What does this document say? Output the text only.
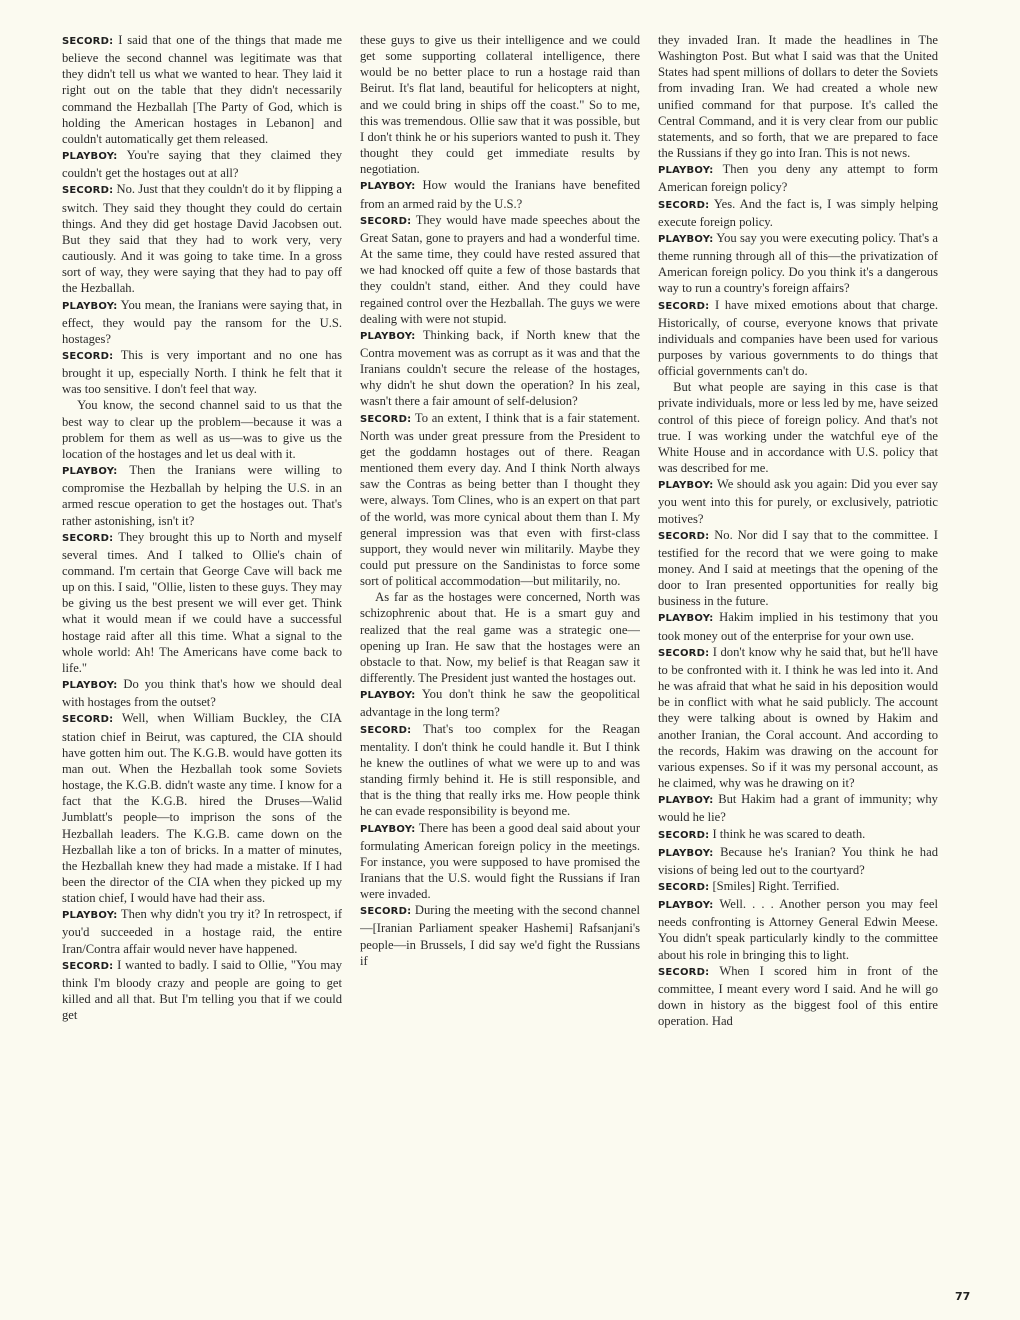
SECORD: I said that one of the things that made me believe the second channel was legitimate was that they didn't tell us what we wanted to hear. They laid it right out on the table that they didn't necessarily command the Hezballah [The Party of God, which is holding the American hostages in Lebanon] and couldn't automatically get them released.

PLAYBOY: You're saying that they claimed they couldn't get the hostages out at all?

SECORD: No. Just that they couldn't do it by flipping a switch. They said they thought they could do certain things. And they did get hostage David Jacobsen out. But they said that they had to work very, very cautiously. And it was going to take time. In a gross sort of way, they were saying that they had to pay off the Hezballah.

PLAYBOY: You mean, the Iranians were saying that, in effect, they would pay the ransom for the U.S. hostages?

SECORD: This is very important and no one has brought it up, especially North. I think he felt that it was too sensitive. I don't feel that way.

You know, the second channel said to us that the best way to clear up the problem—because it was a problem for them as well as us—was to give us the location of the hostages and let us deal with it.

PLAYBOY: Then the Iranians were willing to compromise the Hezballah by helping the U.S. in an armed rescue operation to get the hostages out. That's rather astonishing, isn't it?

SECORD: They brought this up to North and myself several times. And I talked to Ollie's chain of command. I'm certain that George Cave will back me up on this. I said, "Ollie, listen to these guys. They may be giving us the best present we will ever get. Think what it would mean if we could have a successful hostage raid after all this time. What a signal to the whole world: Ah! The Americans have come back to life."

PLAYBOY: Do you think that's how we should deal with hostages from the outset?

SECORD: Well, when William Buckley, the CIA station chief in Beirut, was captured, the CIA should have gotten him out. The K.G.B. would have gotten its man out. When the Hezballah took some Soviets hostage, the K.G.B. didn't waste any time. I know for a fact that the K.G.B. hired the Druses—Walid Jumblatt's people—to imprison the sons of the Hezballah leaders. The K.G.B. came down on the Hezballah like a ton of bricks. In a matter of minutes, the Hezballah knew they had made a mistake. If I had been the director of the CIA when they picked up my station chief, I would have had their ass.

PLAYBOY: Then why didn't you try it? In retrospect, if you'd succeeded in a hostage raid, the entire Iran/Contra affair would never have happened.

SECORD: I wanted to badly. I said to Ollie, "You may think I'm bloody crazy and people are going to get killed and all that. But I'm telling you that if we could get

these guys to give us their intelligence and we could get some supporting collateral intelligence, there would be no better place to run a hostage raid than Beirut. It's flat land, beautiful for helicopters at night, and we could bring in ships off the coast." So to me, this was tremendous. Ollie saw that it was possible, but I don't think he or his superiors wanted to push it. They thought they could get immediate results by negotiation.

PLAYBOY: How would the Iranians have benefited from an armed raid by the U.S.?

SECORD: They would have made speeches about the Great Satan, gone to prayers and had a wonderful time. At the same time, they could have rested assured that we had knocked off quite a few of those bastards that they couldn't stand, either. And they could have regained control over the Hezballah. The guys we were dealing with were not stupid.

PLAYBOY: Thinking back, if North knew that the Contra movement was as corrupt as it was and that the Iranians couldn't secure the release of the hostages, why didn't he shut down the operation? In his zeal, wasn't there a fair amount of self-delusion?

SECORD: To an extent, I think that is a fair statement. North was under great pressure from the President to get the goddamn hostages out of there. Reagan mentioned them every day. And I think North always saw the Contras as being better than I thought they were, always. Tom Clines, who is an expert on that part of the world, was more cynical about them than I. My general impression was that even with first-class support, they would never win militarily. Maybe they could put pressure on the Sandinistas to force some sort of political accommodation—but militarily, no.

As far as the hostages were concerned, North was schizophrenic about that. He is a smart guy and realized that the real game was a strategic one—opening up Iran. He saw that the hostages were an obstacle to that. Now, my belief is that Reagan saw it differently. The President just wanted the hostages out.

PLAYBOY: You don't think he saw the geopolitical advantage in the long term?

SECORD: That's too complex for the Reagan mentality. I don't think he could handle it. But I think he knew the outlines of what we were up to and was standing firmly behind it. He is still responsible, and that is the thing that really irks me. How people think he can evade responsibility is beyond me.

PLAYBOY: There has been a good deal said about your formulating American foreign policy in the meetings. For instance, you were supposed to have promised the Iranians that the U.S. would fight the Russians if Iran were invaded.

SECORD: During the meeting with the second channel—[Iranian Parliament speaker Hashemi] Rafsanjani's people—in Brussels, I did say we'd fight the Russians if

they invaded Iran. It made the headlines in The Washington Post. But what I said was that the United States had spent millions of dollars to deter the Soviets from invading Iran. We had created a whole new unified command for that purpose. It's called the Central Command, and it is very clear from our public statements, and so forth, that we are prepared to face the Russians if they go into Iran. This is not news.

PLAYBOY: Then you deny any attempt to form American foreign policy?

SECORD: Yes. And the fact is, I was simply helping execute foreign policy.

PLAYBOY: You say you were executing policy. That's a theme running through all of this—the privatization of American foreign policy. Do you think it's a dangerous way to run a country's foreign affairs?

SECORD: I have mixed emotions about that charge. Historically, of course, everyone knows that private individuals and companies have been used for various purposes by various governments to do things that official governments can't do.

But what people are saying in this case is that private individuals, more or less led by me, have seized control of this piece of foreign policy. And that's not true. I was working under the watchful eye of the White House and in accordance with U.S. policy that was described for me.

PLAYBOY: We should ask you again: Did you ever say you went into this for purely, or exclusively, patriotic motives?

SECORD: No. Nor did I say that to the committee. I testified for the record that we were going to make money. And I said at meetings that the opening of the door to Iran presented opportunities for really big business in the future.

PLAYBOY: Hakim implied in his testimony that you took money out of the enterprise for your own use.

SECORD: I don't know why he said that, but he'll have to be confronted with it. I think he was led into it. And he was afraid that what he said in his deposition would be in conflict with what he said publicly. The account they were talking about is owned by Hakim and another Iranian, the Coral account. And according to the records, Hakim was drawing on the account for various expenses. So if it was my personal account, as he claimed, why was he drawing on it?

PLAYBOY: But Hakim had a grant of immunity; why would he lie?

SECORD: I think he was scared to death.

PLAYBOY: Because he's Iranian? You think he had visions of being led out to the courtyard?

SECORD: [Smiles] Right. Terrified.

PLAYBOY: Well. . . . Another person you may feel needs confronting is Attorney General Edwin Meese. You didn't speak particularly kindly to the committee about his role in bringing this to light.

SECORD: When I scored him in front of the committee, I meant every word I said. And he will go down in history as the biggest fool of this entire operation. Had

77
